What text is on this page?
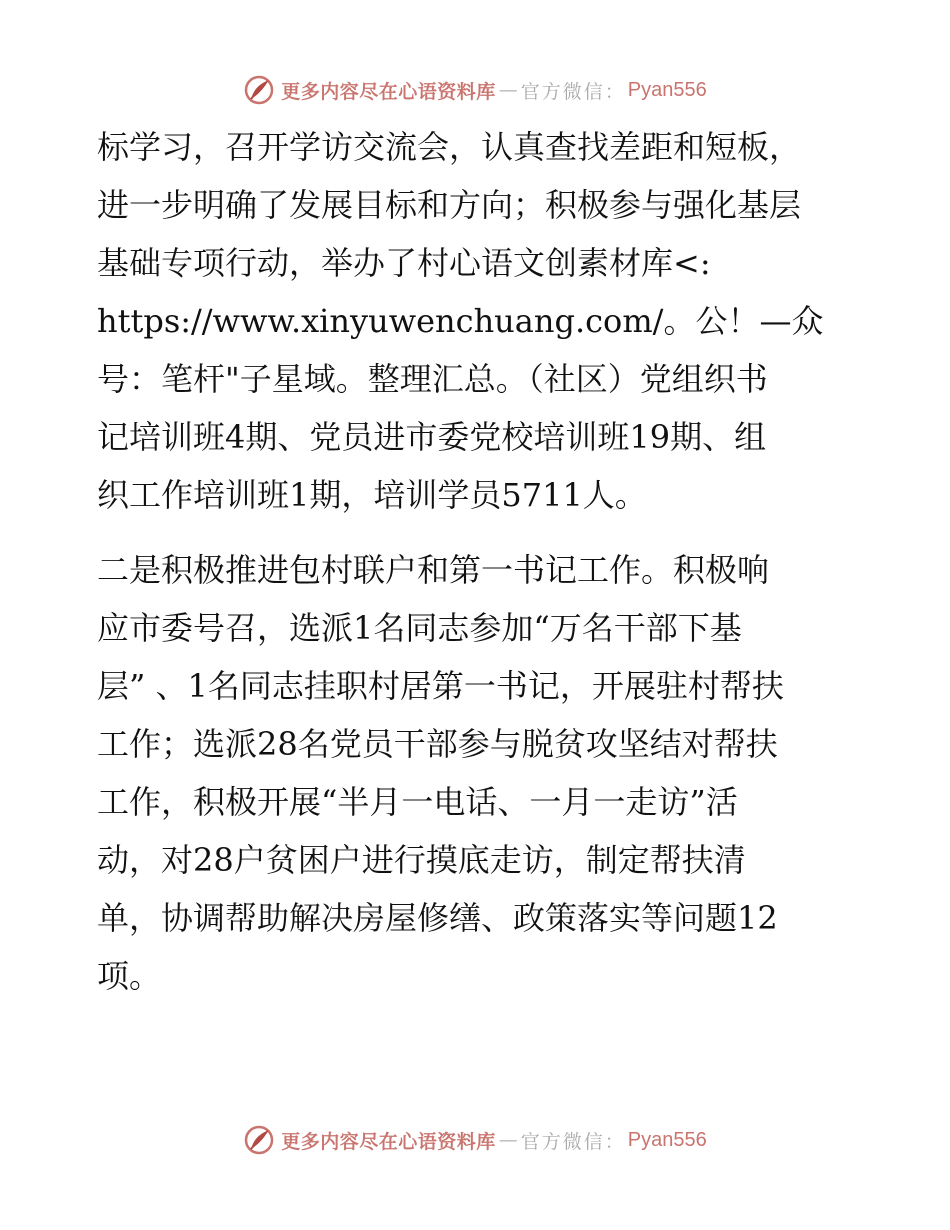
更多内容尽在心语资料库 — 官方微信： Pyan556

标学习，召开学访交流会，认真查找差距和短板，
进一步明确了发展目标和方向；积极参与强化基层
基础专项行动，举办了村心语文创素材库<:
https://www.xinyuwenchuang.com/。公！—众
号：笔杆"子星域。整理汇总。（社区）党组织书
记培训班4期、党员进市委党校培训班19期、组
织工作培训班1期，培训学员5711人。

二是积极推进包村联户和第一书记工作。积极响
应市委号召，选派1名同志参加“万名干部下基
层” 、1名同志挂职村居第一书记，开展驻村帮扶
工作；选派28名党员干部参与脱贫攻坚结对帮扶
工作，积极开展“半月一电话、一月一走访”活
动，对28户贫困户进行摸底走访，制定帮扶清
单，协调帮助解决房屋修缮、政策落实等问题12
项。

更多内容尽在心语资料库 — 官方微信： Pyan556
